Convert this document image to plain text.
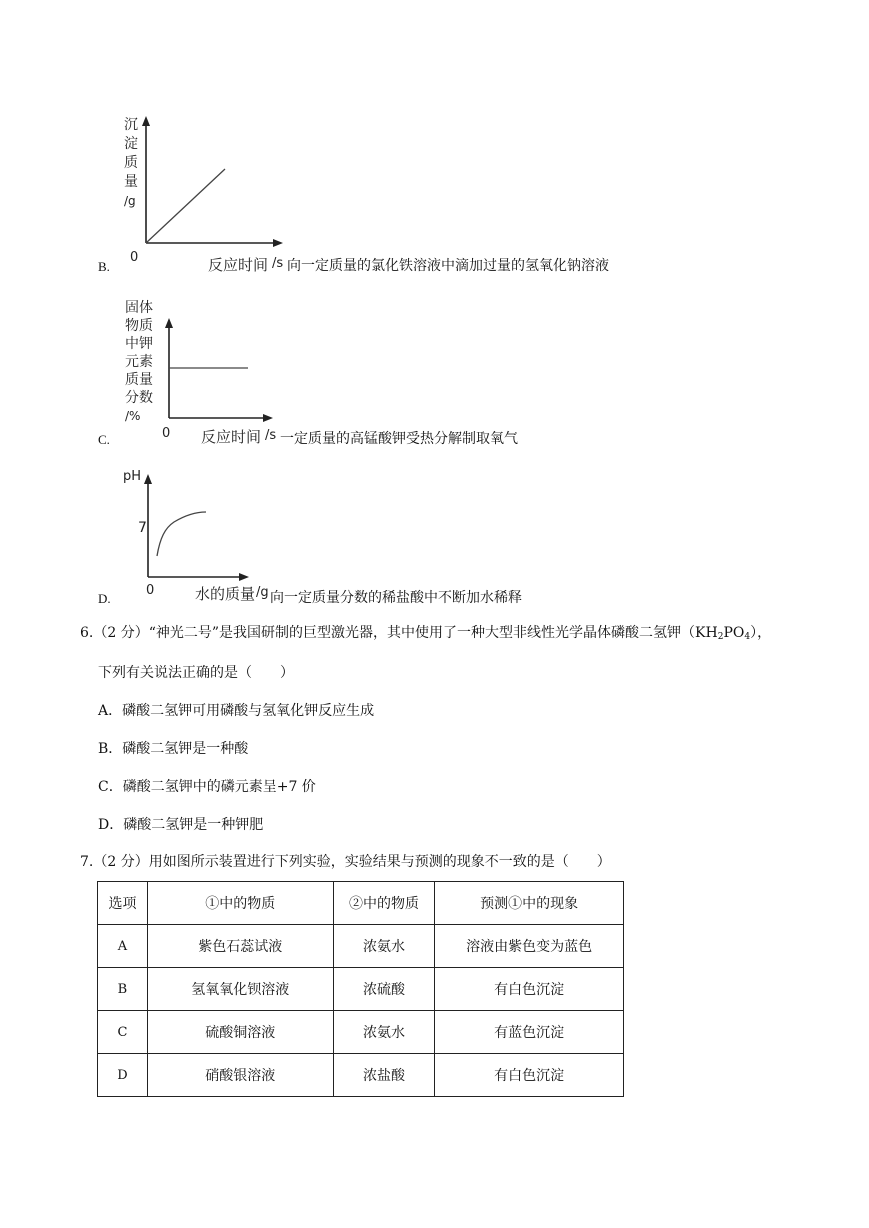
沉
淀
质
量
/g
0
B.	反应时间 /s 向一定质量的氯化铁溶液中滴加过量的氢氧化钠溶液
固体
物质
中钾
元素
质量
分数
/%
0
C.	反应时间 /s 一定质量的高锰酸钾受热分解制取氧气
pH
7
0
D.	水的质量 /g 向一定质量分数的稀盐酸中不断加水稀释
6.（2 分）“神光二号”是我国研制的巨型激光器，其中使用了一种大型非线性光学晶体磷酸二氢钾$(KH_2PO_4)$，
下列有关说法正确的是（　　）
A．磷酸二氢钾可用磷酸与氢氧化钾反应生成
B．磷酸二氢钾是一种酸
C．磷酸二氢钾中的磷元素呈+7 价
D．磷酸二氢钾是一种钾肥
7.（2 分）用如图所示装置进行下列实验，实验结果与预测的现象不一致的是（　　）
选项	①中的物质	②中的物质	预测①中的现象
A	紫色石蕊试液	浓氨水	溶液由紫色变为蓝色
B	氢氧氧化钡溶液	浓硫酸	有白色沉淀
C	硫酸铜溶液	浓氨水	有蓝色沉淀
D	硝酸银溶液	浓盐酸	有白色沉淀
